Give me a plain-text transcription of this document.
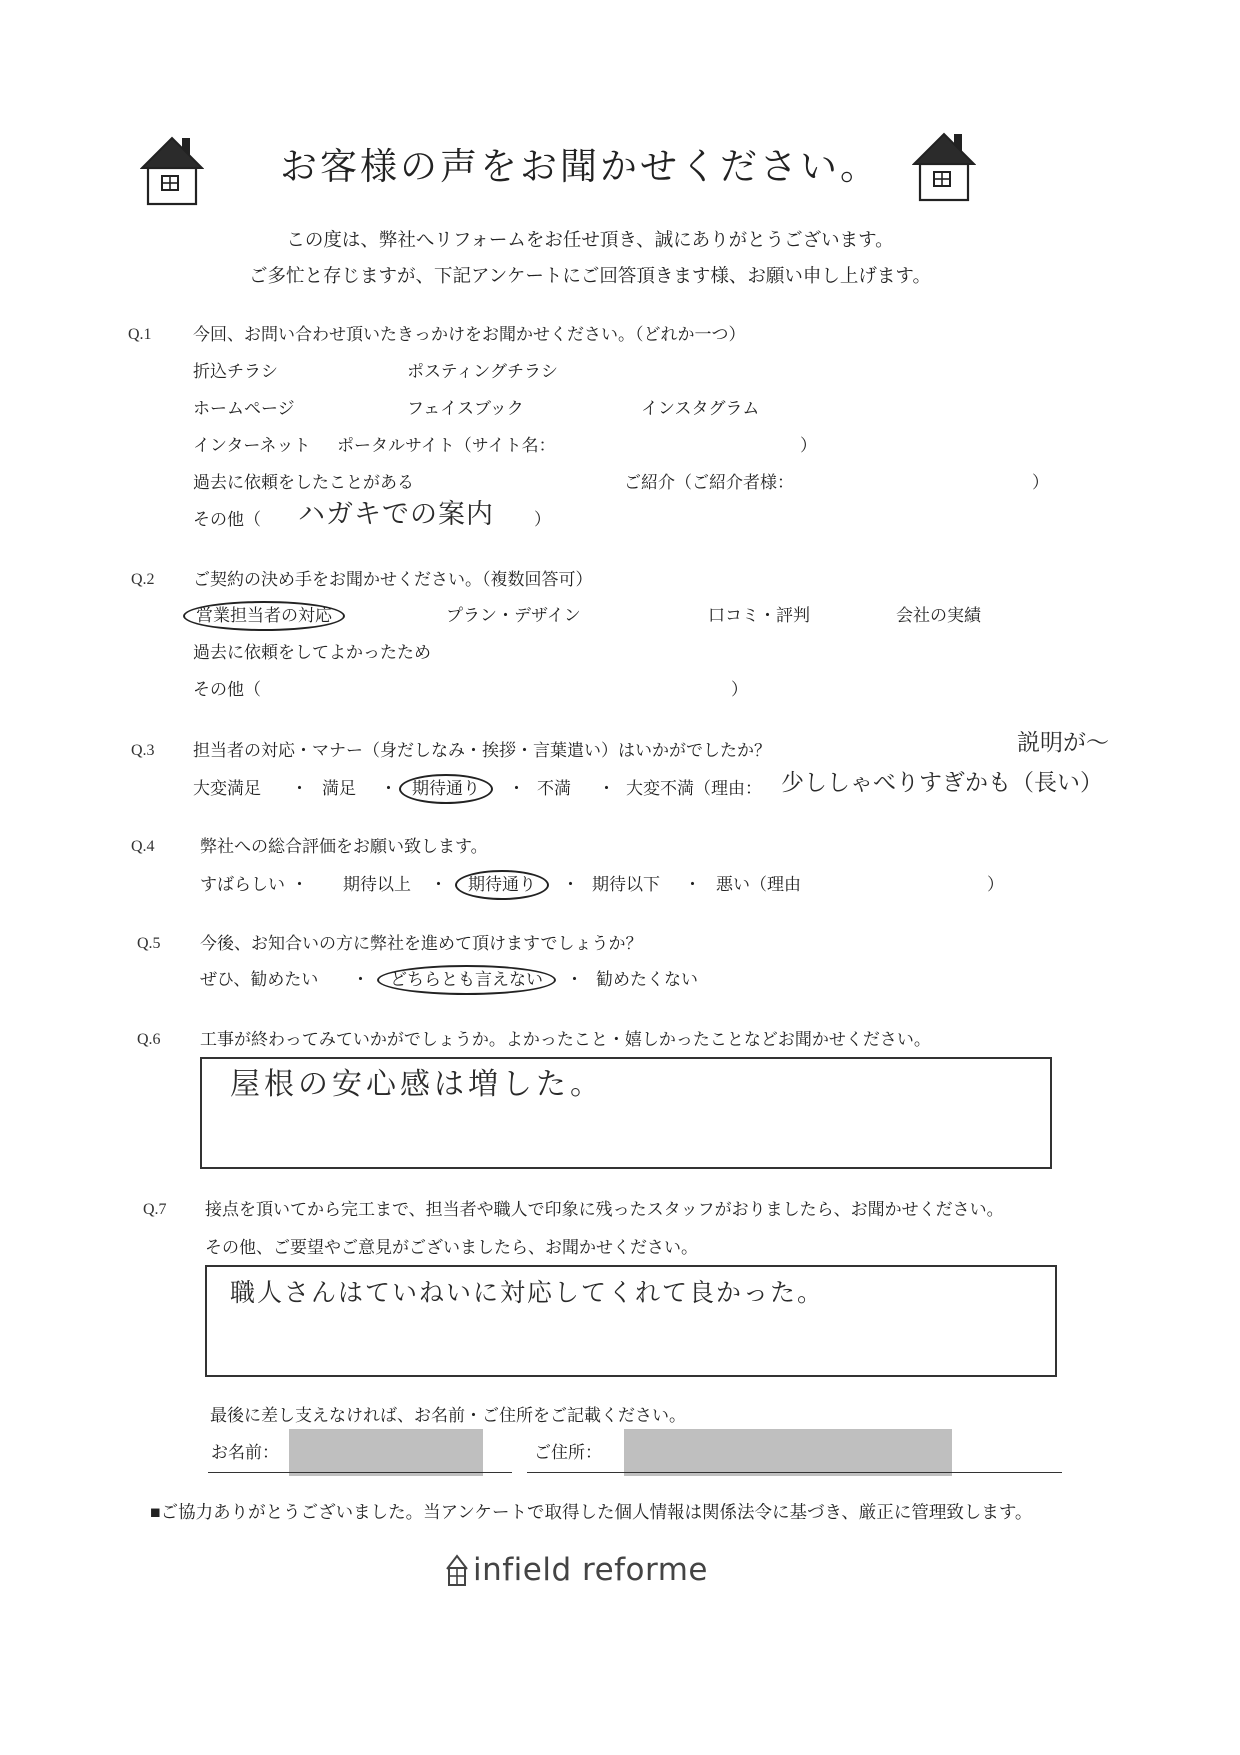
お客様の声をお聞かせください。
この度は、弊社へリフォームをお任せ頂き、誠にありがとうございます。
ご多忙と存じますが、下記アンケートにご回答頂きます様、お願い申し上げます。
Q.1 今回、お問い合わせ頂いたきっかけをお聞かせください。（どれか一つ）
折込チラシ	ポスティングチラシ
ホームページ	フェイスブック	インスタグラム
インターネット ポータルサイト（サイト名：	）
過去に依頼をしたことがある	ご紹介（ご紹介者様：	）
その他（ ハガキでの案内 ）
Q.2 ご契約の決め手をお聞かせください。（複数回答可）
営業担当者の対応	プラン・デザイン	口コミ・評判	会社の実績
過去に依頼をしてよかったため
その他（	）
Q.3 担当者の対応・マナー（身だしなみ・挨拶・言葉遣い）はいかがでしたか？	説明が〜
大変満足 ・ 満足 ・ 期待通り	・ 不満 ・ 大変不満（理由： 少ししゃべりすぎかも（長い）
Q.4	弊社への総合評価をお願い致します。
すばらしい ・ 期待以上 ・	期待通り	・ 期待以下 ・ 悪い（理由	）
Q.5 今後、お知合いの方に弊社を進めて頂けますでしょうか？
ぜひ、勧めたい ・	どちらとも言えない	・ 勧めたくない
Q.6 工事が終わってみていかがでしょうか。よかったこと・嬉しかったことなどお聞かせください。
屋根の安心感は増した。
Q.7 接点を頂いてから完工まで、担当者や職人で印象に残ったスタッフがおりましたら、お聞かせください。
その他、ご要望やご意見がございましたら、お聞かせください。
職人さんはていねいに対応してくれて良かった。
最後に差し支えなければ、お名前・ご住所をご記載ください。
お名前：	ご住所：
■ご協力ありがとうございました。当アンケートで取得した個人情報は関係法令に基づき、厳正に管理致します。
infield reforme
